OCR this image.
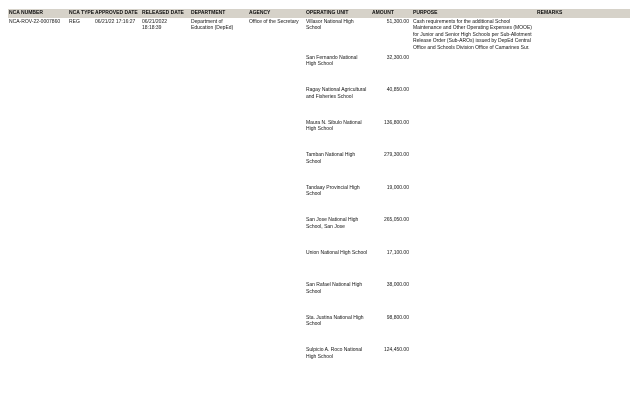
NCA NUMBER	NCA TYPE	APPROVED DATE	RELEASED DATE	DEPARTMENT	AGENCY	OPERATING UNIT	AMOUNT	PURPOSE	REMARKS
NCA-ROV-22-0007860	REG	06/21/22 17:16:27	06/21/2022 18:18:39	Department of Education (DepEd)	Office of the Secretary	Villasor National High School	51,300.00	Cash requirements for the additional School Maintenance and Other Operating Expenses (MOOE) for Junior and Senior High Schools per Sub-Allotment Release Order (Sub-AROs) issued by DepEd Central Office and Schools Division Office of Camarines Sur.	
						San Fernando National High School	32,300.00		
						Ragay National Agricultural and Fisheries School	40,850.00		
						Maura N. Sibulo National High School	136,800.00		
						Tamban National High School	279,300.00		
						Tandaay Provincial High School	19,000.00		
						San Jose National High School, San Jose	265,050.00		
						Union National High School	17,100.00		
						San Rafael National High School	38,000.00		
						Sta. Justina National High School	98,800.00		
						Sulpicio A. Roco National High School	124,450.00		
